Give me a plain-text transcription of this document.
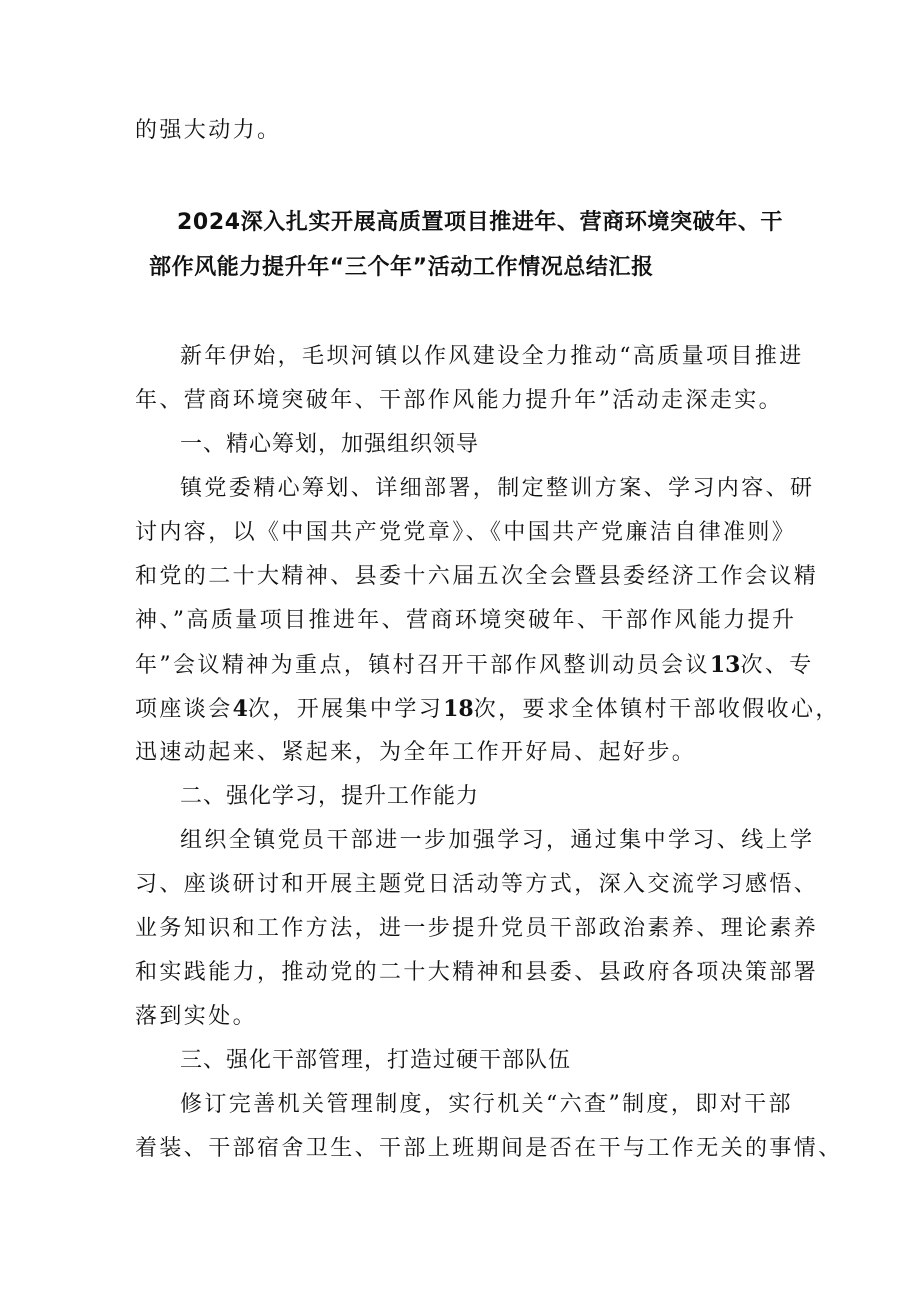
的强大动力。
2024深入扎实开展高质置项目推进年、营商环境突破年、干
部作风能力提升年“三个年”活动工作情况总结汇报
新年伊始，毛坝河镇以作风建设全力推动“高质量项目推进
年、营商环境突破年、干部作风能力提升年”活动走深走实。
一、精心筹划，加强组织领导
镇党委精心筹划、详细部署，制定整训方案、学习内容、研
讨内容，以《中国共产党党章》、《中国共产党廉洁自律准则》
和党的二十大精神、县委十六届五次全会暨县委经济工作会议精
神、”高质量项目推进年、营商环境突破年、干部作风能力提升
年”会议精神为重点，镇村召开干部作风整训动员会议13次、专
项座谈会4次，开展集中学习18次，要求全体镇村干部收假收心，
迅速动起来、紧起来，为全年工作开好局、起好步。
二、强化学习，提升工作能力
组织全镇党员干部进一步加强学习，通过集中学习、线上学
习、座谈研讨和开展主题党日活动等方式，深入交流学习感悟、
业务知识和工作方法，进一步提升党员干部政治素养、理论素养
和实践能力，推动党的二十大精神和县委、县政府各项决策部署
落到实处。
三、强化干部管理，打造过硬干部队伍
修订完善机关管理制度，实行机关“六查”制度，即对干部
着装、干部宿舍卫生、干部上班期间是否在干与工作无关的事情、
